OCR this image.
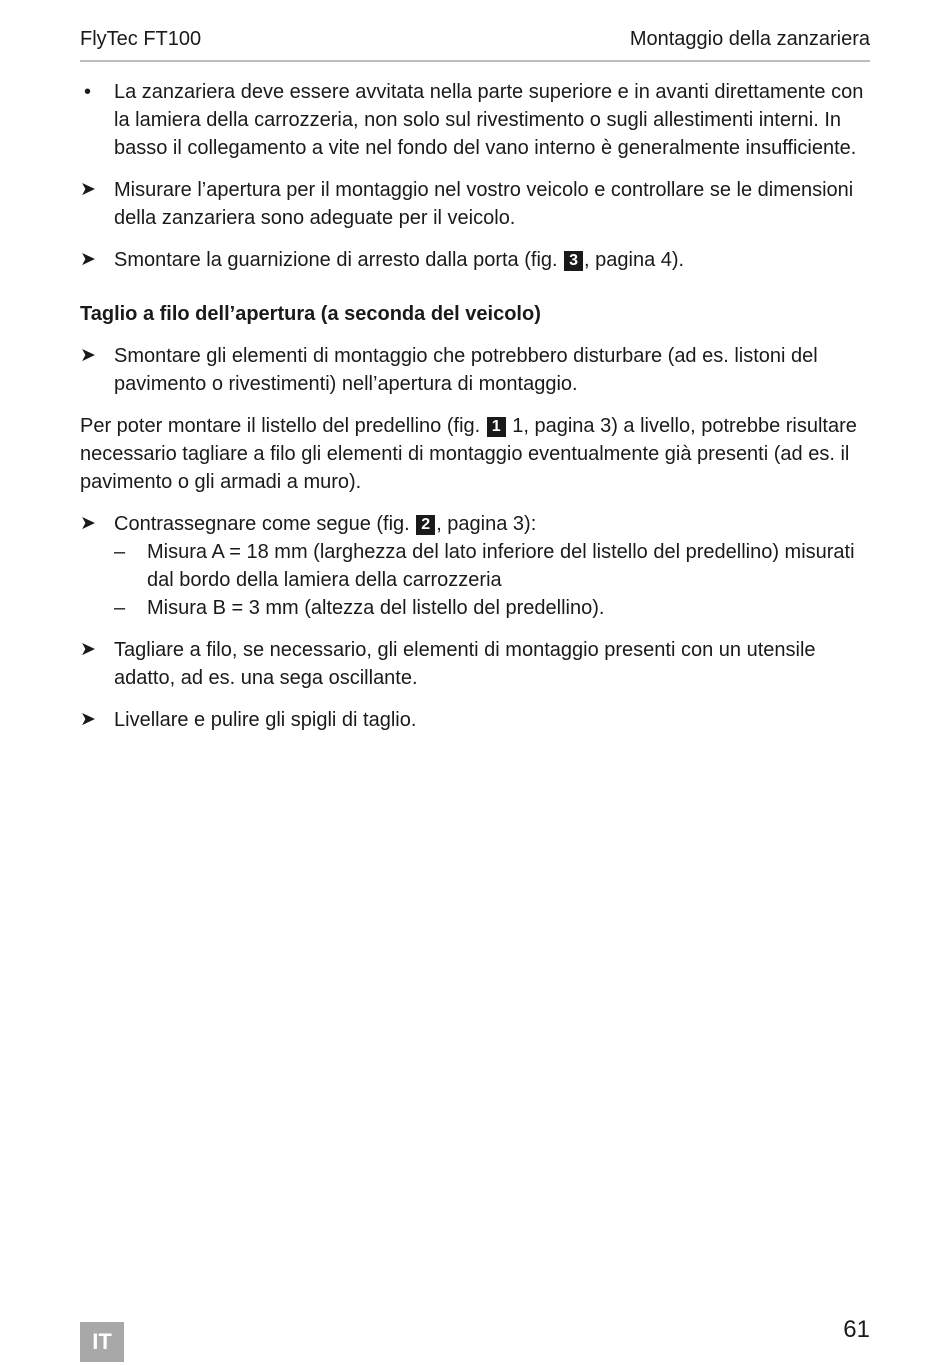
FlyTec FT100	Montaggio della zanzariera
•	La zanzariera deve essere avvitata nella parte superiore e in avanti direttamente con la lamiera della carrozzeria, non solo sul rivestimento o sugli allestimenti interni. In basso il collegamento a vite nel fondo del vano interno è generalmente insufficiente.
➤ Misurare l’apertura per il montaggio nel vostro veicolo e controllare se le dimensioni della zanzariera sono adeguate per il veicolo.
➤ Smontare la guarnizione di arresto dalla porta (fig. 3 , pagina 4).
Taglio a filo dell’apertura (a seconda del veicolo)
➤ Smontare gli elementi di montaggio che potrebbero disturbare (ad es. listoni del pavimento o rivestimenti) nell’apertura di montaggio.
Per poter montare il listello del predellino (fig. 1 1, pagina 3) a livello, potrebbe risultare necessario tagliare a filo gli elementi di montaggio eventualmente già presenti (ad es. il pavimento o gli armadi a muro).
➤ Contrassegnare come segue (fig. 2 , pagina 3):
– Misura A = 18 mm (larghezza del lato inferiore del listello del predellino) misurati dal bordo della lamiera della carrozzeria
– Misura B = 3 mm (altezza del listello del predellino).
➤ Tagliare a filo, se necessario, gli elementi di montaggio presenti con un utensile adatto, ad es. una sega oscillante.
➤ Livellare e pulire gli spigli di taglio.
IT	61
